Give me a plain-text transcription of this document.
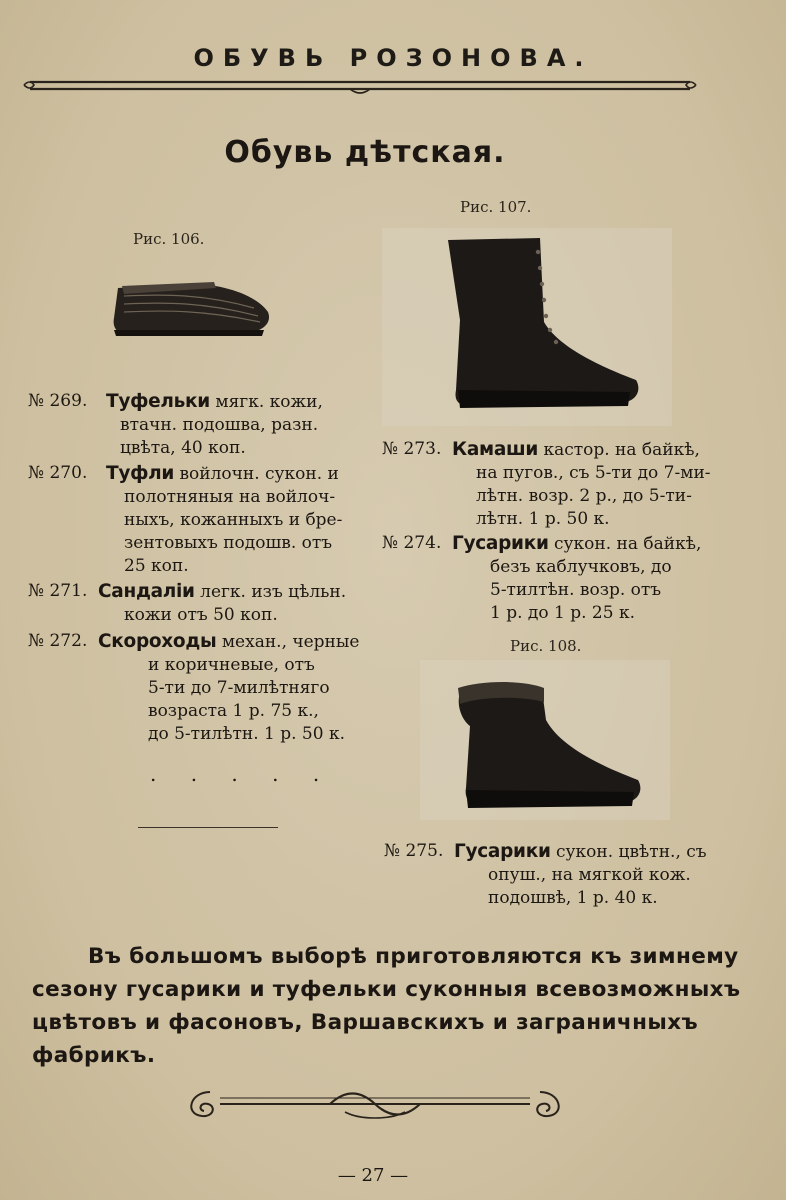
ОБУВЬ РОЗОНОВА.
Обувь дѣтская.
Рис. 106.
Рис. 107.
№ 269.	Туфельки мягк. кожи,
втачн. подошва, разн.
цвѣта, 40 коп.
№ 270.	Туфли войлочн. сукон. и
полотняныя на войлоч-
ныхъ, кожанныхъ и бре-
зентовыхъ подошв. отъ
25 коп.
№ 271. Сандаліи легк. изъ цѣльн.
кожи отъ 50 коп.
№ 272. Скороходы механ., черные
и коричневые, отъ
5-ти до 7-милѣтняго
возраста 1 р. 75 к.,
до 5-тилѣтн. 1 р. 50 к.
. . . . .
№ 273. Камаши кастор. на байкѣ,
на пугов., съ 5-ти до 7-ми-
лѣтн. возр. 2 р., до 5-ти-
лѣтн. 1 р. 50 к.
№ 274. Гусарики сукон. на байкѣ,
безъ каблучковъ, до
5-тилтѣн. возр. отъ
1 р. до 1 р. 25 к.
Рис. 108.
№ 275. Гусарики сукон. цвѣтн., съ
опуш., на мягкой кож.
подошвѣ, 1 р. 40 к.
Въ большомъ выборѣ приготовляются къ зимнему
сезону гусарики и туфельки суконныя всевозможныхъ
цвѣтовъ и фасоновъ, Варшавскихъ и заграничныхъ
фабрикъ.
— 27 —
